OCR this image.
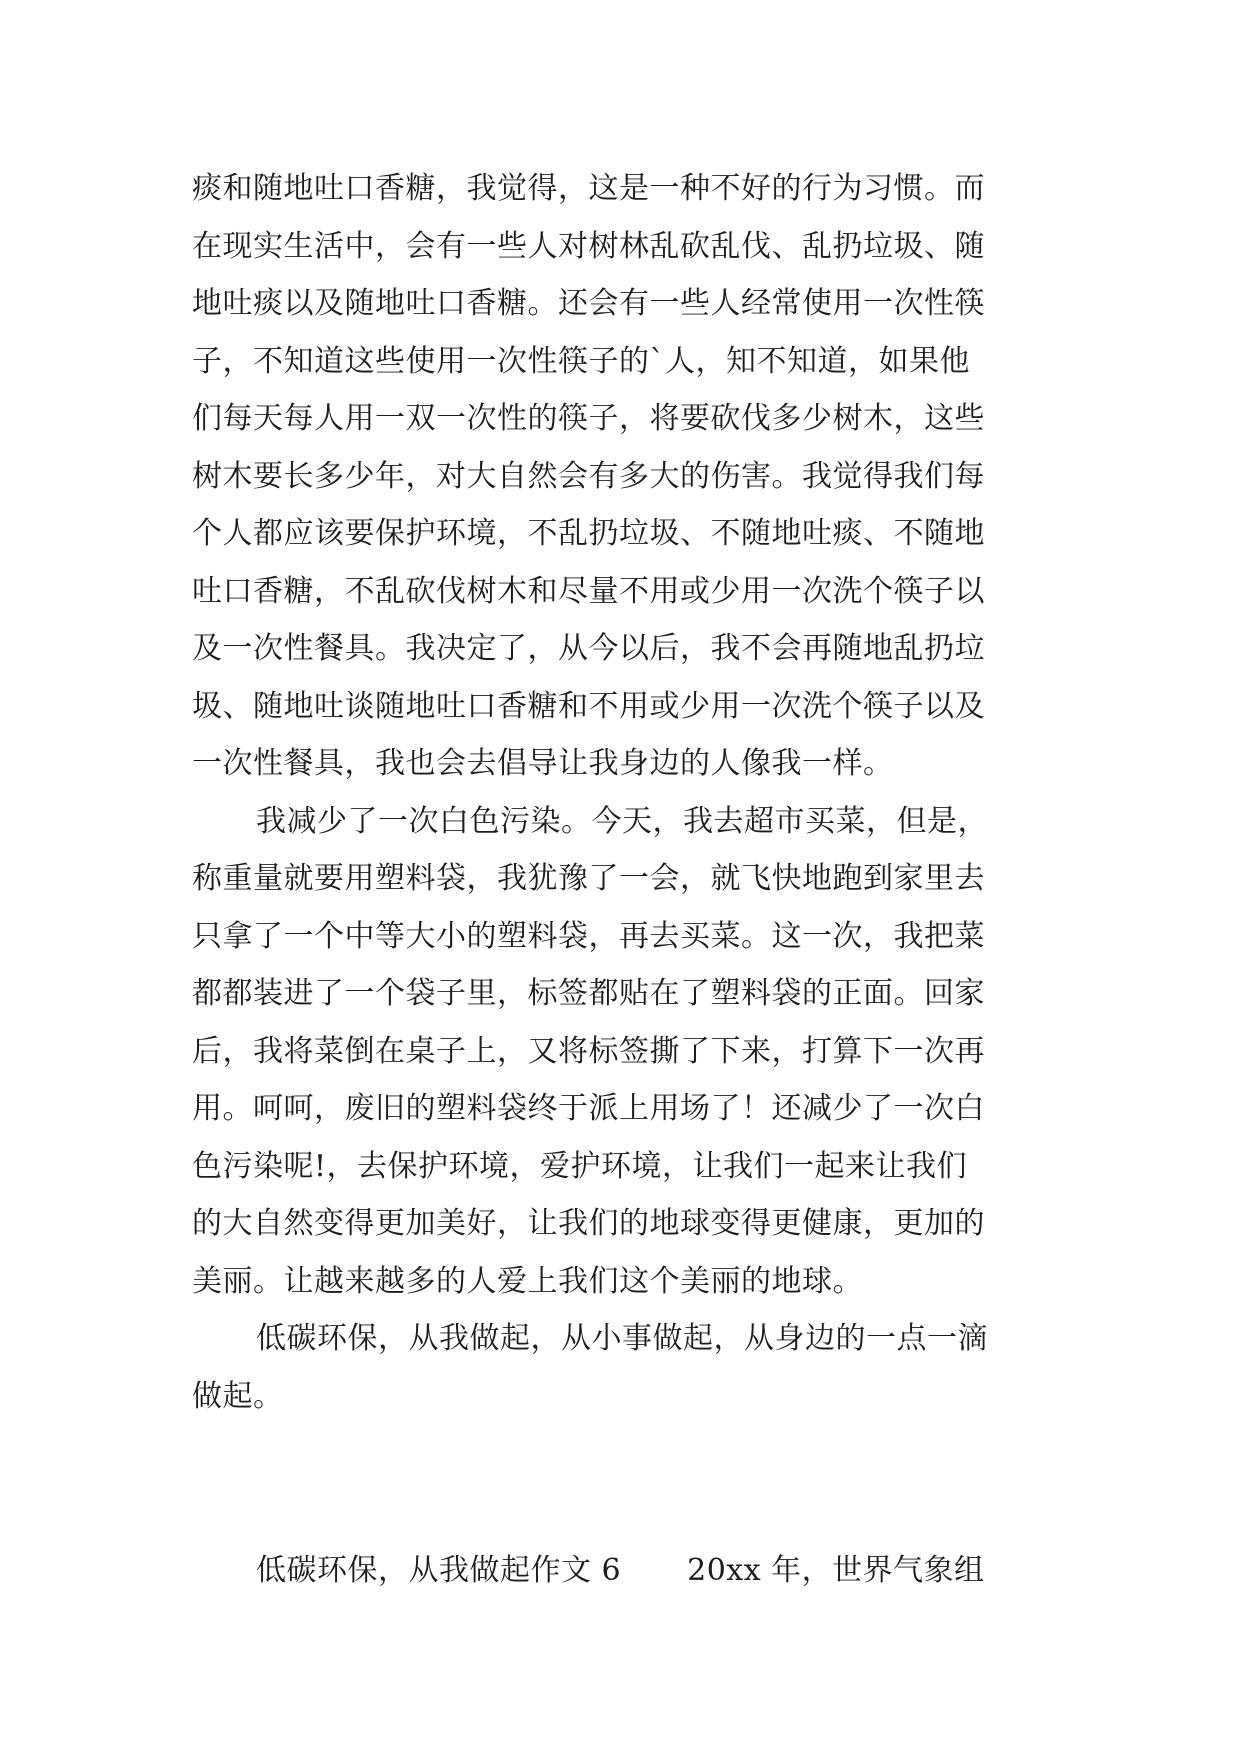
痰和随地吐口香糖，我觉得，这是一种不好的行为习惯。而
在现实生活中，会有一些人对树林乱砍乱伐、乱扔垃圾、随
地吐痰以及随地吐口香糖。还会有一些人经常使用一次性筷
子，不知道这些使用一次性筷子的`人，知不知道，如果他
们每天每人用一双一次性的筷子，将要砍伐多少树木，这些
树木要长多少年，对大自然会有多大的伤害。我觉得我们每
个人都应该要保护环境，不乱扔垃圾、不随地吐痰、不随地
吐口香糖，不乱砍伐树木和尽量不用或少用一次洗个筷子以
及一次性餐具。我决定了，从今以后，我不会再随地乱扔垃
圾、随地吐谈随地吐口香糖和不用或少用一次洗个筷子以及
一次性餐具，我也会去倡导让我身边的人像我一样。
我减少了一次白色污染。今天，我去超市买菜，但是，
称重量就要用塑料袋，我犹豫了一会，就飞快地跑到家里去
只拿了一个中等大小的塑料袋，再去买菜。这一次，我把菜
都都装进了一个袋子里，标签都贴在了塑料袋的正面。回家
后，我将菜倒在桌子上，又将标签撕了下来，打算下一次再
用。呵呵，废旧的塑料袋终于派上用场了！还减少了一次白
色污染呢!，去保护环境，爱护环境，让我们一起来让我们
的大自然变得更加美好，让我们的地球变得更健康，更加的
美丽。让越来越多的人爱上我们这个美丽的地球。
低碳环保，从我做起，从小事做起，从身边的一点一滴
做起。
低碳环保，从我做起作文 6 20xx 年，世界气象组
